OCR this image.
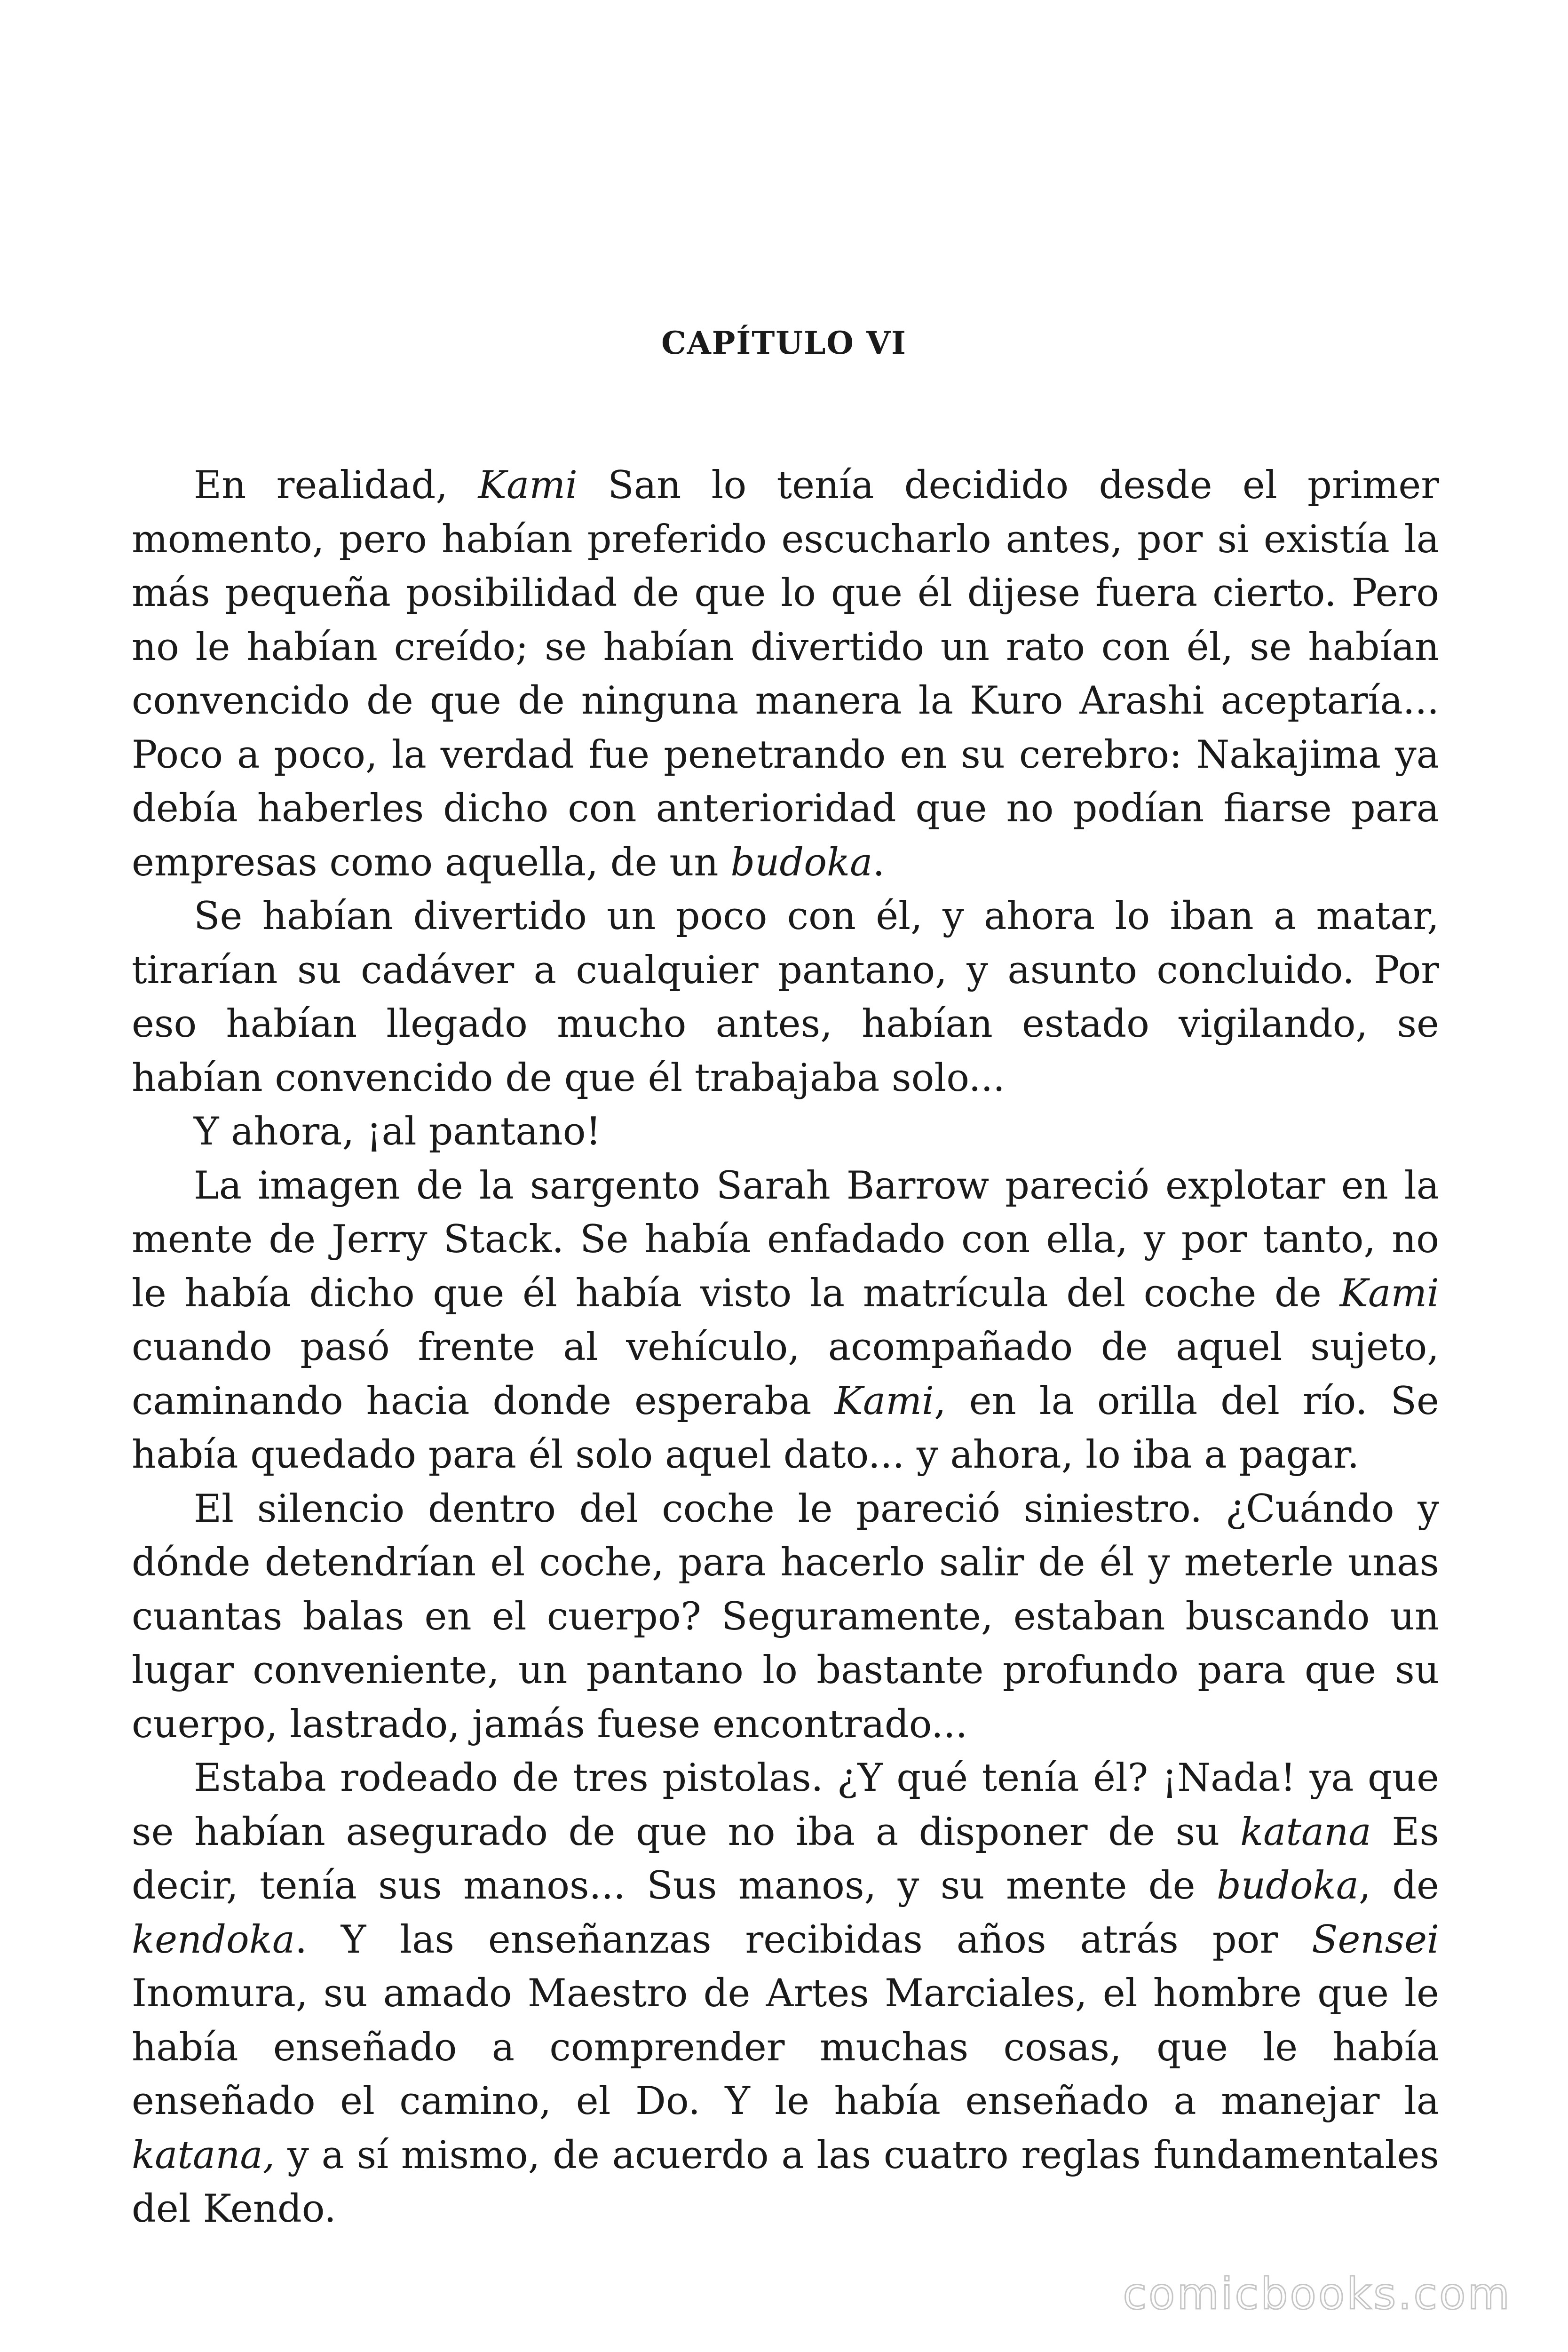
CAPÍTULO VI

En realidad, Kami San lo tenía decidido desde el primer momento, pero habían preferido escucharlo antes, por si existía la más pequeña posibilidad de que lo que él dijese fuera cierto. Pero no le habían creído; se habían divertido un rato con él, se habían convencido de que de ninguna manera la Kuro Arashi aceptaría... Poco a poco, la verdad fue penetrando en su cerebro: Nakajima ya debía haberles dicho con anterioridad que no podían fiarse para empresas como aquella, de un budoka.

Se habían divertido un poco con él, y ahora lo iban a matar, tirarían su cadáver a cualquier pantano, y asunto concluido. Por eso habían llegado mucho antes, habían estado vigilando, se habían convencido de que él trabajaba solo...

Y ahora, ¡al pantano!

La imagen de la sargento Sarah Barrow pareció explotar en la mente de Jerry Stack. Se había enfadado con ella, y por tanto, no le había dicho que él había visto la matrícula del coche de Kami cuando pasó frente al vehículo, acompañado de aquel sujeto, caminando hacia donde esperaba Kami, en la orilla del río. Se había quedado para él solo aquel dato... y ahora, lo iba a pagar.

El silencio dentro del coche le pareció siniestro. ¿Cuándo y dónde detendrían el coche, para hacerlo salir de él y meterle unas cuantas balas en el cuerpo? Seguramente, estaban buscando un lugar conveniente, un pantano lo bastante profundo para que su cuerpo, lastrado, jamás fuese encontrado...

Estaba rodeado de tres pistolas. ¿Y qué tenía él? ¡Nada! ya que se habían asegurado de que no iba a disponer de su katana Es decir, tenía sus manos... Sus manos, y su mente de budoka, de kendoka. Y las enseñanzas recibidas años atrás por Sensei Inomura, su amado Maestro de Artes Marciales, el hombre que le había enseñado a comprender muchas cosas, que le había enseñado el camino, el Do. Y le había enseñado a manejar la katana, y a sí mismo, de acuerdo a las cuatro reglas fundamentales del Kendo.

comicbooks.com
